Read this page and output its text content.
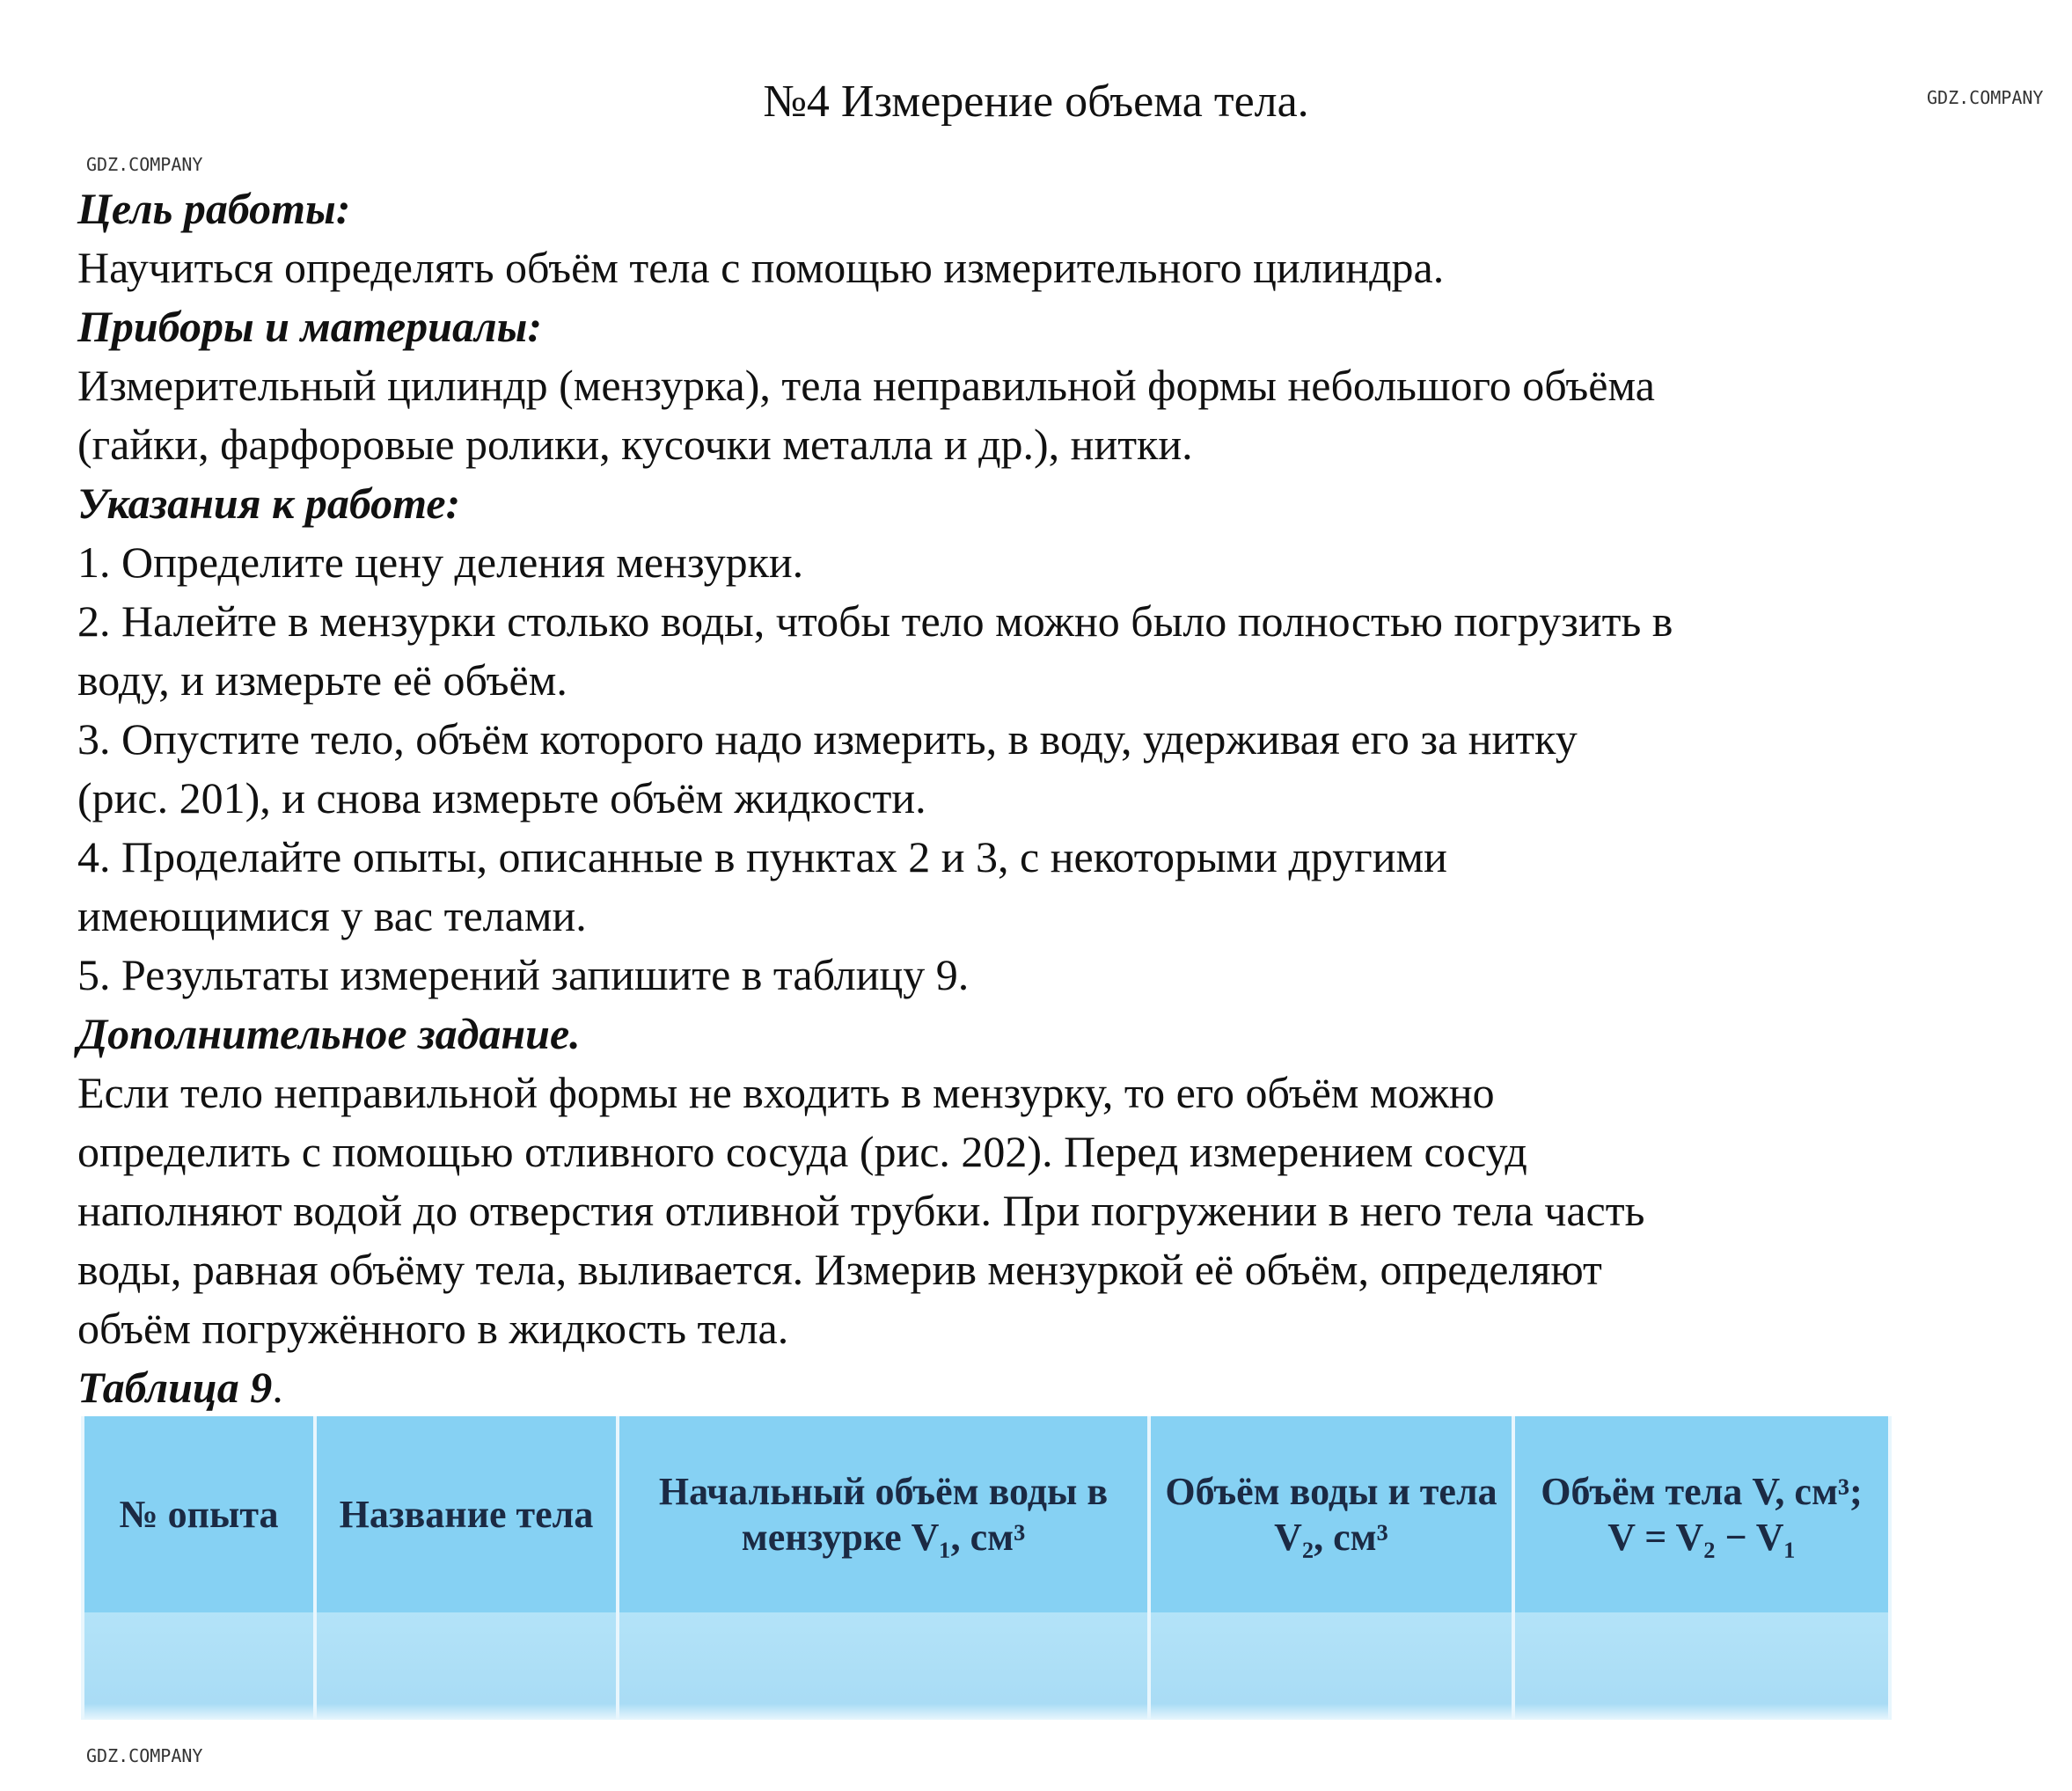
№4 Измерение объема тела.
Цель работы:
Научиться определять объём тела с помощью измерительного цилиндра.
Приборы и материалы:
Измерительный цилиндр (мензурка), тела неправильной формы небольшого объёма
(гайки, фарфоровые ролики, кусочки металла и др.), нитки.
Указания к работе:
1. Определите цену деления мензурки.
2. Налейте в мензурки столько воды, чтобы тело можно было полностью погрузить в
воду, и измерьте её объём.
3. Опустите тело, объём которого надо измерить, в воду, удерживая его за нитку
(рис. 201), и снова измерьте объём жидкости.
4. Проделайте опыты, описанные в пунктах 2 и 3, с некоторыми другими
имеющимися у вас телами.
5. Результаты измерений запишите в таблицу 9.
Дополнительное задание.
Если тело неправильной формы не входить в мензурку, то его объём можно
определить с помощью отливного сосуда (рис. 202). Перед измерением сосуд
наполняют водой до отверстия отливной трубки. При погружении в него тела часть
воды, равная объёму тела, выливается. Измерив мензуркой её объём, определяют
объём погружённого в жидкость тела.
Таблица 9.
№ опыта	Название тела	Начальный объём воды в мензурке V₁, см³	Объём воды и тела V₂, см³	Объём тела V, см³; V = V₂ − V₁

GDZ.COMPANY
GDZ.COMPANY
GDZ.COMPANY
